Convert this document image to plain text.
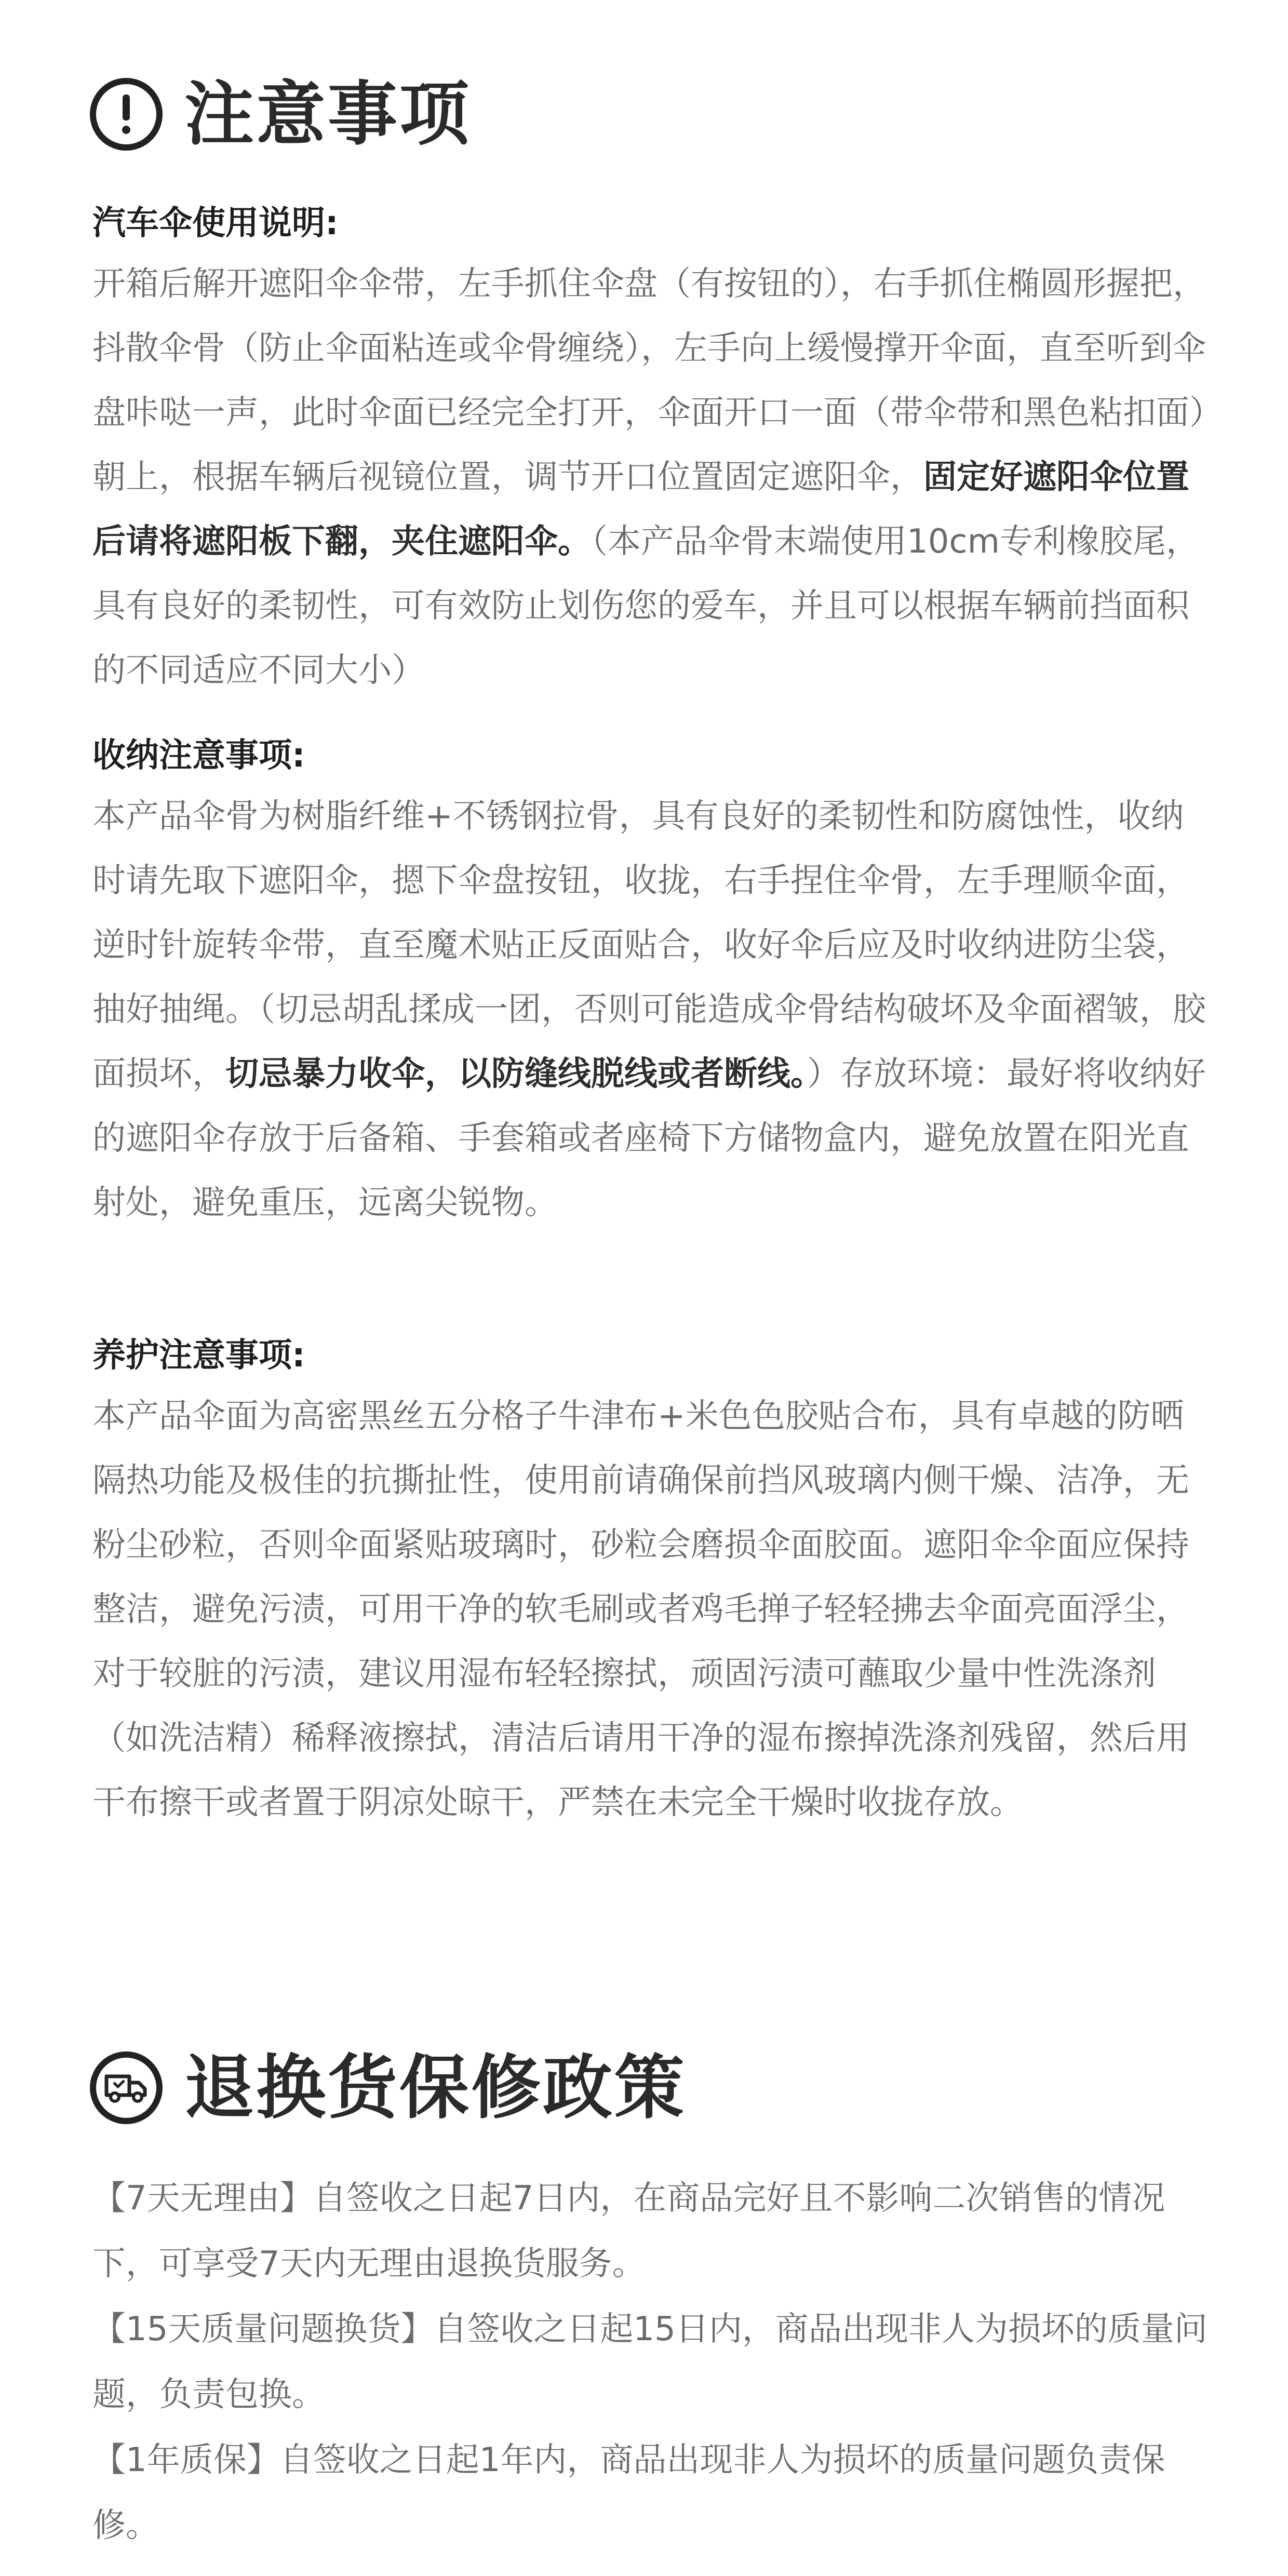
注意事项
汽车伞使用说明:

开箱后解开遮阳伞伞带，左手抓住伞盘（有按钮的），右手抓住椭圆形握把，抖散伞骨（防止伞面粘连或伞骨缠绕），左手向上缓慢撑开伞面，直至听到伞盘咔哒一声，此时伞面已经完全打开，伞面开口一面（带伞带和黑色粘扣面）朝上，根据车辆后视镜位置，调节开口位置固定遮阳伞，固定好遮阳伞位置后请将遮阳板下翻，夹住遮阳伞。（本产品伞骨末端使用10cm专利橡胶尾，具有良好的柔韧性，可有效防止划伤您的爱车，并且可以根据车辆前挡面积的不同适应不同大小）

收纳注意事项:

本产品伞骨为树脂纤维+不锈钢拉骨，具有良好的柔韧性和防腐蚀性，收纳时请先取下遮阳伞，摁下伞盘按钮，收拢，右手捏住伞骨，左手理顺伞面，逆时针旋转伞带，直至魔术贴正反面贴合，收好伞后应及时收纳进防尘袋，抽好抽绳。（切忌胡乱揉成一团，否则可能造成伞骨结构破坏及伞面褶皱，胶面损坏，切忌暴力收伞，以防缝线脱线或者断线。）存放环境：最好将收纳好的遮阳伞存放于后备箱、手套箱或者座椅下方储物盒内，避免放置在阳光直射处，避免重压，远离尖锐物。

养护注意事项:

本产品伞面为高密黑丝五分格子牛津布+米色色胶贴合布，具有卓越的防晒隔热功能及极佳的抗撕扯性，使用前请确保前挡风玻璃内侧干燥、洁净，无粉尘砂粒，否则伞面紧贴玻璃时，砂粒会磨损伞面胶面。遮阳伞伞面应保持整洁，避免污渍，可用干净的软毛刷或者鸡毛掸子轻轻拂去伞面亮面浮尘，对于较脏的污渍，建议用湿布轻轻擦拭，顽固污渍可蘸取少量中性洗涤剂（如洗洁精）稀释液擦拭，清洁后请用干净的湿布擦掉洗涤剂残留，然后用干布擦干或者置于阴凉处晾干，严禁在未完全干燥时收拢存放。

退换货保修政策

【7天无理由】自签收之日起7日内，在商品完好且不影响二次销售的情况下，可享受7天内无理由退换货服务。

【15天质量问题换货】自签收之日起15日内，商品出现非人为损坏的质量问题，负责包换。

【1年质保】自签收之日起1年内，商品出现非人为损坏的质量问题负责保修。
